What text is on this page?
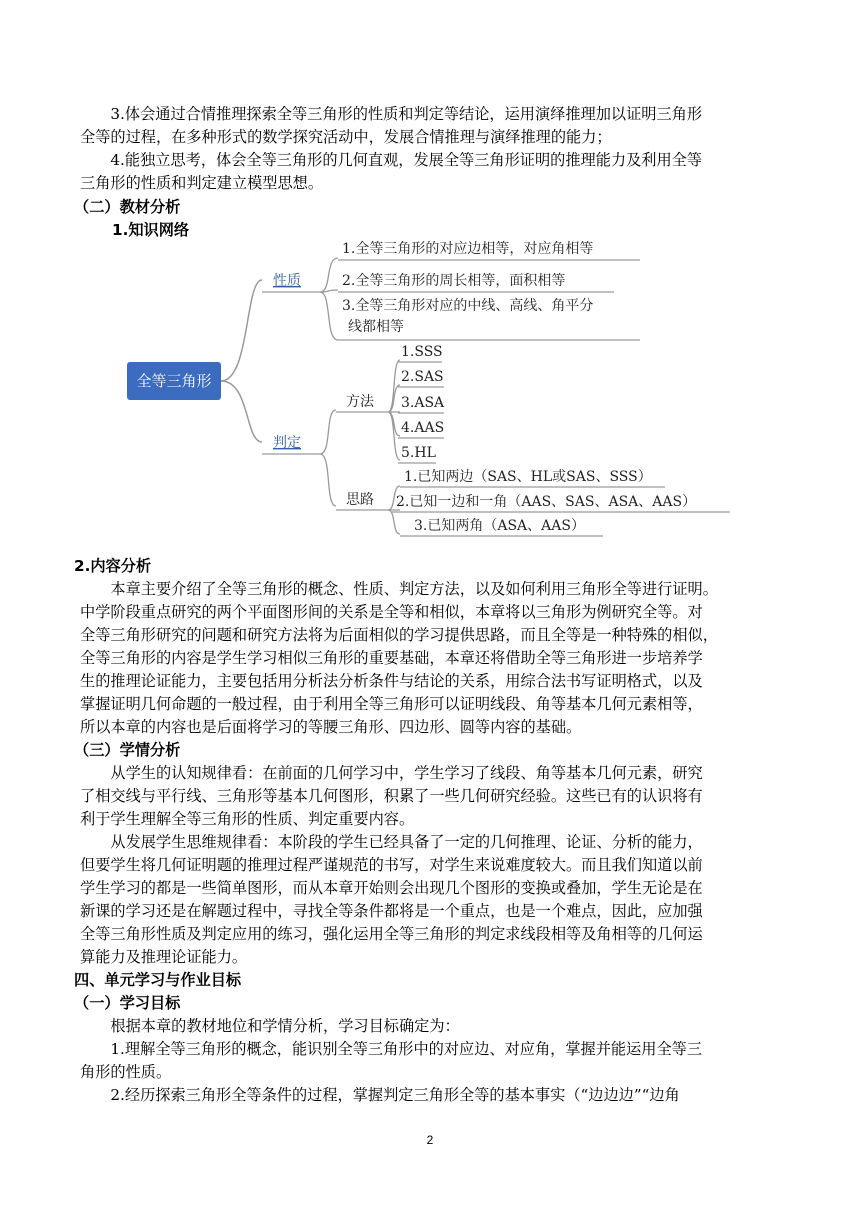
3.体会通过合情推理探索全等三角形的性质和判定等结论，运用演绎推理加以证明三角形
全等的过程，在多种形式的数学探究活动中，发展合情推理与演绎推理的能力；
4.能独立思考，体会全等三角形的几何直观，发展全等三角形证明的推理能力及利用全等
三角形的性质和判定建立模型思想。
（二）教材分析
1.知识网络
全等三角形
性质
1.全等三角形的对应边相等，对应角相等
2.全等三角形的周长相等，面积相等
3.全等三角形对应的中线、高线、角平分
线都相等
判定
方法
1.SSS
2.SAS
3.ASA
4.AAS
5.HL
思路
1.已知两边（SAS、HL或SAS、SSS）
2.已知一边和一角（AAS、SAS、ASA、AAS）
3.已知两角（ASA、AAS）
2.内容分析
本章主要介绍了全等三角形的概念、性质、判定方法，以及如何利用三角形全等进行证明。
中学阶段重点研究的两个平面图形间的关系是全等和相似，本章将以三角形为例研究全等。对
全等三角形研究的问题和研究方法将为后面相似的学习提供思路，而且全等是一种特殊的相似，
全等三角形的内容是学生学习相似三角形的重要基础，本章还将借助全等三角形进一步培养学
生的推理论证能力，主要包括用分析法分析条件与结论的关系，用综合法书写证明格式，以及
掌握证明几何命题的一般过程，由于利用全等三角形可以证明线段、角等基本几何元素相等，
所以本章的内容也是后面将学习的等腰三角形、四边形、圆等内容的基础。
（三）学情分析
从学生的认知规律看：在前面的几何学习中，学生学习了线段、角等基本几何元素，研究
了相交线与平行线、三角形等基本几何图形，积累了一些几何研究经验。这些已有的认识将有
利于学生理解全等三角形的性质、判定重要内容。
从发展学生思维规律看：本阶段的学生已经具备了一定的几何推理、论证、分析的能力，
但要学生将几何证明题的推理过程严谨规范的书写，对学生来说难度较大。而且我们知道以前
学生学习的都是一些简单图形，而从本章开始则会出现几个图形的变换或叠加，学生无论是在
新课的学习还是在解题过程中，寻找全等条件都将是一个重点，也是一个难点，因此，应加强
全等三角形性质及判定应用的练习，强化运用全等三角形的判定求线段相等及角相等的几何运
算能力及推理论证能力。
四、单元学习与作业目标
（一）学习目标
根据本章的教材地位和学情分析，学习目标确定为：
1.理解全等三角形的概念，能识别全等三角形中的对应边、对应角，掌握并能运用全等三
角形的性质。
2.经历探索三角形全等条件的过程，掌握判定三角形全等的基本事实（“边边边”“边角
2
